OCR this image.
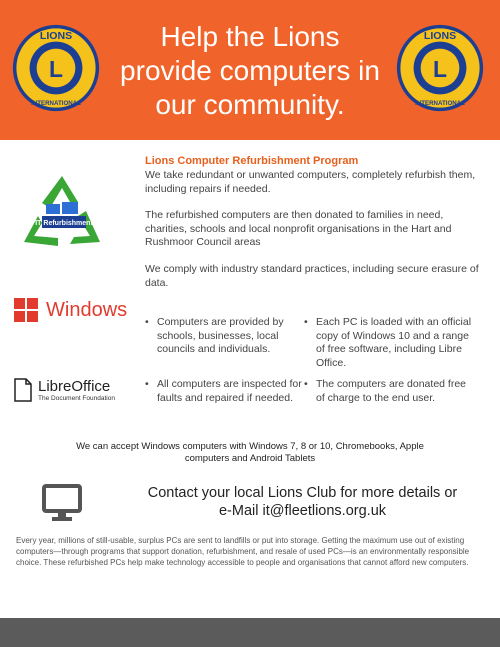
L
LIONS
INTERNATIONAL
Help the Lions
provide computers in
our community.
L
LIONS
INTERNATIONAL
IT Refurbishment
Lions Computer Refurbishment Program
We take redundant or unwanted computers, completely refurbish them, including repairs if needed.
The refurbished computers are then donated to families in need, charities, schools and local nonprofit organisations in the Hart and Rushmoor Council areas
We comply with industry standard practices, including secure erasure of data.
Windows
LibreOffice
The Document Foundation
• Computers are provided by schools, businesses, local councils and individuals.
• Each PC is loaded with an official copy of Windows 10 and a range of free software, including Libre Office.
• All computers are inspected for faults and repaired if needed.
• The computers are donated free of charge to the end user.
We can accept Windows computers with Windows 7, 8 or 10, Chromebooks, Apple computers and Android Tablets
Contact your local Lions Club for more details or
e-Mail it@fleetlions.org.uk
Every year, millions of still-usable, surplus PCs are sent to landfills or put into storage. Getting the maximum use out of existing computers—through programs that support donation, refurbishment, and resale of used PCs—is an environmentally responsible choice. These refurbished PCs help make technology accessible to people and organisations that cannot afford new computers.
